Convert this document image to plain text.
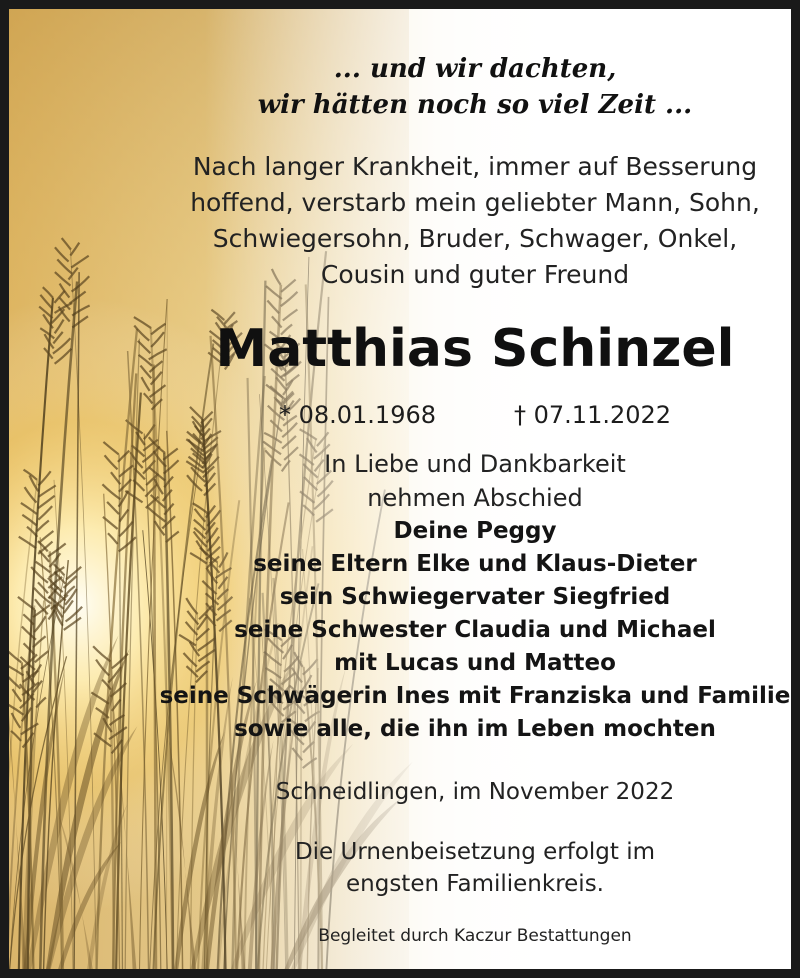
... und wir dachten,
wir hätten noch so viel Zeit ...
Nach langer Krankheit, immer auf Besserung
hoffend, verstarb mein geliebter Mann, Sohn,
Schwiegersohn, Bruder, Schwager, Onkel,
Cousin und guter Freund
Matthias Schinzel
* 08.01.1968	† 07.11.2022
In Liebe und Dankbarkeit
nehmen Abschied
Deine Peggy
seine Eltern Elke und Klaus-Dieter
sein Schwiegervater Siegfried
seine Schwester Claudia und Michael
mit Lucas und Matteo
seine Schwägerin Ines mit Franziska und Familie
sowie alle, die ihn im Leben mochten
Schneidlingen, im November 2022
Die Urnenbeisetzung erfolgt im
engsten Familienkreis.
Begleitet durch Kaczur Bestattungen
